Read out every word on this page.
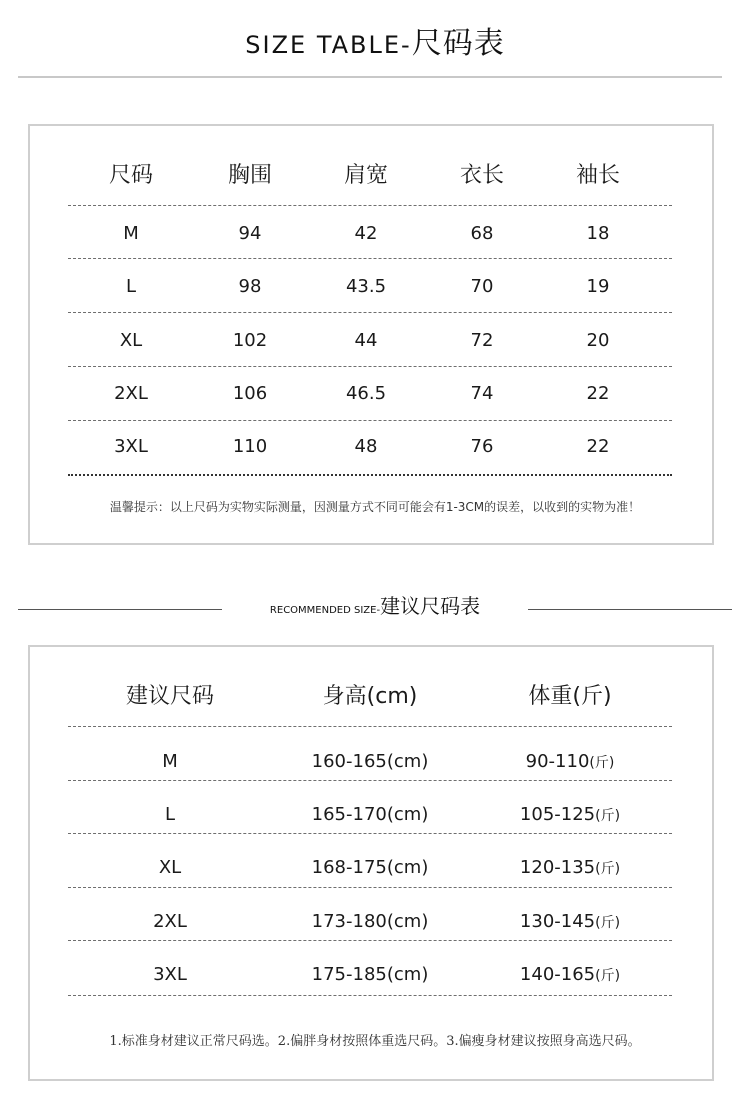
SIZE TABLE-尺码表
尺码	胸围	肩宽	衣长	袖长
M	94	42	68	18
L	98	43.5	70	19
XL	102	44	72	20
2XL	106	46.5	74	22
3XL	110	48	76	22
温馨提示：以上尺码为实物实际测量，因测量方式不同可能会有1-3CM的误差，以收到的实物为准！
RECOMMENDED SIZE-建议尺码表
建议尺码	身高(cm)	体重(斤)
M	160-165(cm)	90-110(斤)
L	165-170(cm)	105-125(斤)
XL	168-175(cm)	120-135(斤)
2XL	173-180(cm)	130-145(斤)
3XL	175-185(cm)	140-165(斤)
1.标准身材建议正常尺码选。2.偏胖身材按照体重选尺码。3.偏瘦身材建议按照身高选尺码。
